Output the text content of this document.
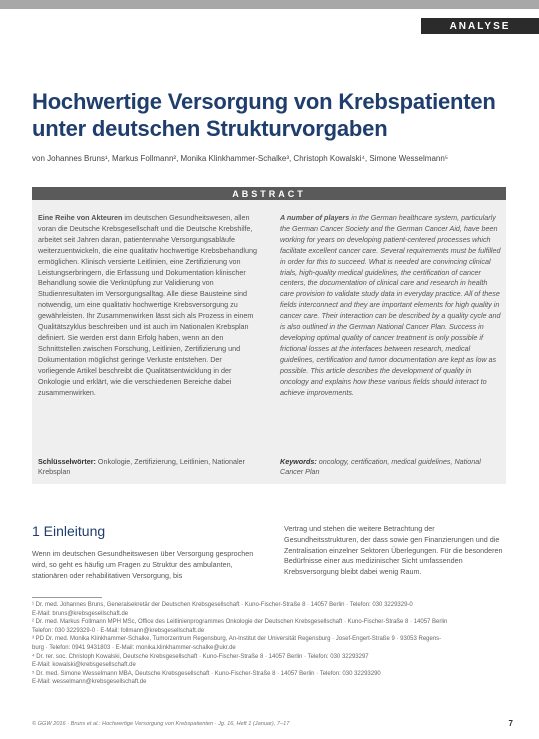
ANALYSE
Hochwertige Versorgung von Krebspatienten unter deutschen Strukturvorgaben
von Johannes Bruns¹, Markus Follmann², Monika Klinkhammer-Schalke³, Christoph Kowalski⁴, Simone Wesselmann⁵
ABSTRACT

Eine Reihe von Akteuren im deutschen Gesundheitswesen, allen voran die Deutsche Krebsgesellschaft und die Deutsche Krebshilfe, arbeitet seit Jahren daran, patientennahe Versorgungsabläufe weiterzuentwickeln, die eine qualitativ hochwertige Krebsbehandlung ermöglichen. Klinisch versierte Leitlinien, eine Zertifizierung von Leistungserbringern, die Erfassung und Dokumentation klinischer Behandlung sowie die Verknüpfung zur Validierung von Studienresultaten im Versorgungsalltag. Alle diese Bausteine sind notwendig, um eine qualitativ hochwertige Krebsversorgung zu gewährleisten. Ihr Zusammenwirken lässt sich als Prozess in einem Qualitätszyklus beschreiben und ist auch im Nationalen Krebsplan definiert. Sie werden erst dann Erfolg haben, wenn an den Schnittstellen zwischen Forschung, Leitlinien, Zertifizierung und Dokumentation möglichst geringe Verluste entstehen. Der vorliegende Artikel beschreibt die Qualitätsentwicklung in der Onkologie und erklärt, wie die verschiedenen Bereiche dabei zusammenwirken.

A number of players in the German healthcare system, particularly the German Cancer Society and the German Cancer Aid, have been working for years on developing patient-centered processes which facilitate excellent cancer care. Several requirements must be fulfilled in order for this to succeed. What is needed are convincing clinical trials, high-quality medical guidelines, the certification of cancer centers, the documentation of clinical care and research in health care provision to validate study data in everyday practice. All of these fields interconnect and they are important elements for high quality in cancer care. Their interaction can be described by a quality cycle and is also outlined in the German National Cancer Plan. Success in developing optimal quality of cancer treatment is only possible if frictional losses at the interfaces between research, medical guidelines, certification and tumor documentation are kept as low as possible. This article describes the development of quality in oncology and explains how these various fields should interact to achieve improvements.

Schlüsselwörter: Onkologie, Zertifizierung, Leitlinien, Nationaler Krebsplan
Keywords: oncology, certification, medical guidelines, National Cancer Plan
1 Einleitung

Wenn im deutschen Gesundheitswesen über Versorgung gesprochen wird, so geht es häufig um Fragen zu Struktur des ambulanten, stationären oder rehabilitativen Versorgung, bis

Vertrag und stehen die weitere Betrachtung der Gesundheitsstrukturen, der dass sowie gen Finanzierungen und die Zentralisation einzelner Sektoren Überlegungen. Für die besonderen Bedürfnisse einer aus medizinischer Sicht umfassenden Krebsversorgung bleibt dabei wenig Raum.

¹ Dr. med. Johannes Bruns, Generalsekretär der Deutschen Krebsgesellschaft · Kuno-Fischer-Straße 8 · 14057 Berlin · Telefon: 030 3229329-0
E-Mail: bruns@krebsgesellschaft.de
² Dr. med. Markus Follmann MPH MSc, Office des Leitlinienprogrammes Onkologie der Deutschen Krebsgesellschaft · Kuno-Fischer-Straße 8 · 14057 Berlin
Telefon: 030 3229329-0 · E-Mail: follmann@krebsgesellschaft.de
³ PD Dr. med. Monika Klinkhammer-Schalke, Tumorzentrum Regensburg, An-Institut der Universität Regensburg · Josef-Engert-Straße 9 · 93053 Regens-
burg · Telefon: 0941 9431803 · E-Mail: monika.klinkhammer-schalke@ukr.de
⁴ Dr. rer. soc. Christoph Kowalski, Deutsche Krebsgesellschaft · Kuno-Fischer-Straße 8 · 14057 Berlin · Telefon: 030 32293297
E-Mail: kowalski@krebsgesellschaft.de
⁵ Dr. med. Simone Wesselmann MBA, Deutsche Krebsgesellschaft · Kuno-Fischer-Straße 8 · 14057 Berlin · Telefon: 030 32293290
E-Mail: wesselmann@krebsgesellschaft.de
© GGW 2016 · Bruns et al.: Hochwertige Versorgung von Krebspatienten · Jg. 16, Heft 1 (Januar), 7–17	7
